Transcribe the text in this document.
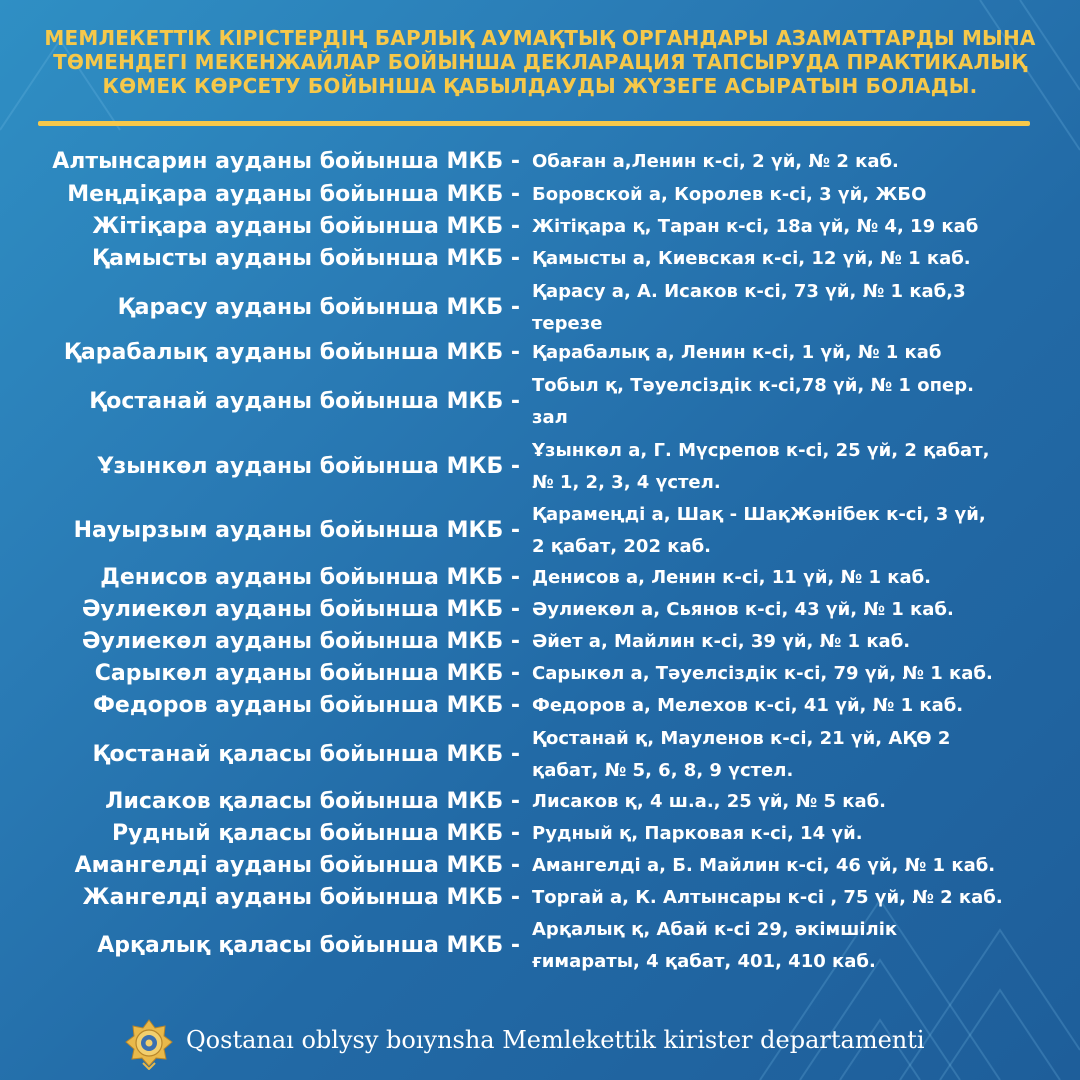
МЕМЛЕКЕТТІК КІРІСТЕРДІҢ БАРЛЫҚ АУМАҚТЫҚ ОРГАНДАРЫ АЗАМАТТАРДЫ МЫНА
ТӨМЕНДЕГІ МЕКЕНЖАЙЛАР БОЙЫНША ДЕКЛАРАЦИЯ ТАПСЫРУДА ПРАКТИКАЛЫҚ
КӨМЕК КӨРСЕТУ БОЙЫНША ҚАБЫЛДАУДЫ ЖҮЗЕГЕ АСЫРАТЫН БОЛАДЫ.
Алтынсарин ауданы бойынша МКБ - Обаған а,Ленин к-сі, 2 үй, № 2 каб.
Меңдіқара ауданы бойынша МКБ - Боровской а, Королев к-сі, 3 үй, ЖБО
Жітіқара ауданы бойынша МКБ - Жітіқара қ, Таран к-сі, 18а үй, № 4, 19 каб
Қамысты ауданы бойынша МКБ - Қамысты а, Киевская к-сі, 12 үй, № 1 каб.
Қарасу ауданы бойынша МКБ -
Қарасу а, А. Исаков к-сі, 73 үй, № 1 каб,3
терезе
Қарабалық ауданы бойынша МКБ - Қарабалық а, Ленин к-сі, 1 үй, № 1 каб
Қостанай ауданы бойынша МКБ -
Тобыл қ, Тәуелсіздік к-сі,78 үй, № 1 опер.
зал
Ұзынкөл ауданы бойынша МКБ -
Ұзынкөл а, Г. Мүсрепов к-сі, 25 үй, 2 қабат,
№ 1, 2, 3, 4 үстел.
Науырзым ауданы бойынша МКБ -
Қарамеңді а, Шақ - ШақЖәнібек к-сі, 3 үй,
2 қабат, 202 каб.
Денисов ауданы бойынша МКБ - Денисов а, Ленин к-сі, 11 үй, № 1 каб.
Әулиекөл ауданы бойынша МКБ - Әулиекөл а, Сьянов к-сі, 43 үй, № 1 каб.
Әулиекөл ауданы бойынша МКБ - Әйет а, Майлин к-сі, 39 үй, № 1 каб.
Сарыкөл ауданы бойынша МКБ - Сарыкөл а, Тәуелсіздік к-сі, 79 үй, № 1 каб.
Федоров ауданы бойынша МКБ - Федоров а, Мелехов к-сі, 41 үй, № 1 каб.
Қостанай қаласы бойынша МКБ -
Қостанай қ, Мауленов к-сі, 21 үй, АҚӨ 2
қабат, № 5, 6, 8, 9 үстел.
Лисаков қаласы бойынша МКБ - Лисаков қ, 4 ш.а., 25 үй, № 5 каб.
Рудный қаласы бойынша МКБ - Рудный қ, Парковая к-сі, 14 үй.
Амангелді ауданы бойынша МКБ - Амангелді а, Б. Майлин к-сі, 46 үй, № 1 каб.
Жангелді ауданы бойынша МКБ - Торгай а, К. Алтынсары к-сі , 75 үй, № 2 каб.
Арқалық қаласы бойынша МКБ -
Арқалық қ, Абай к-сі 29, әкімшілік
ғимараты, 4 қабат, 401, 410 каб.
Qostanaı oblysy boıynsha Memlekettik kirister departamenti
